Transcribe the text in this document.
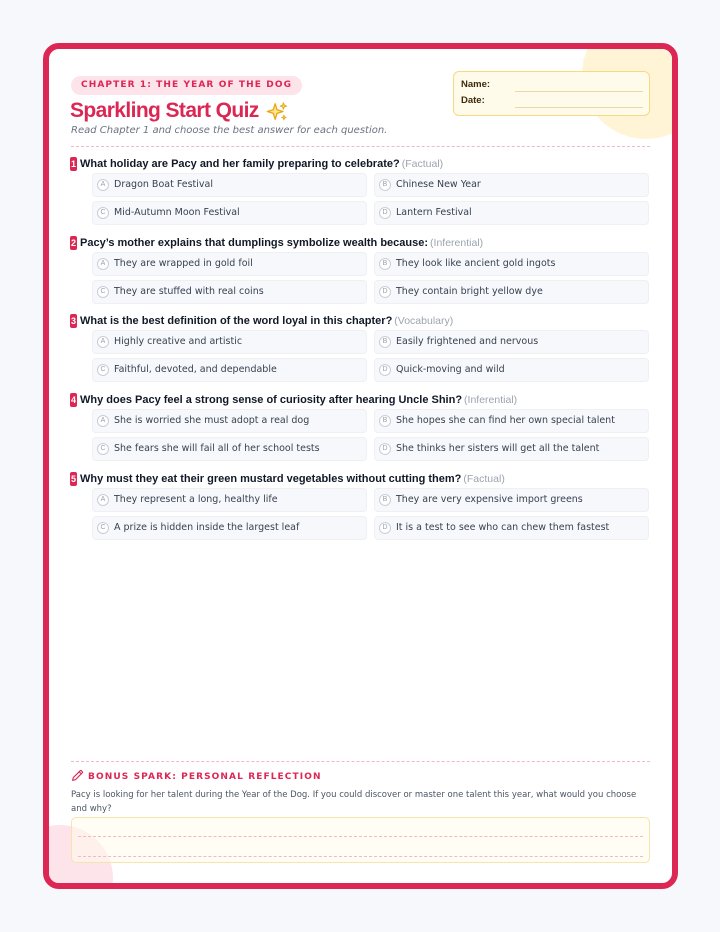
CHAPTER 1: THE YEAR OF THE DOG
Sparkling Start Quiz
Read Chapter 1 and choose the best answer for each question.
Name:
Date:
1 What holiday are Pacy and her family preparing to celebrate? (Factual)
A Dragon Boat Festival	B Chinese New Year
C Mid-Autumn Moon Festival	D Lantern Festival
2 Pacy’s mother explains that dumplings symbolize wealth because: (Inferential)
A They are wrapped in gold foil	B They look like ancient gold ingots
C They are stuffed with real coins	D They contain bright yellow dye
3 What is the best definition of the word loyal in this chapter? (Vocabulary)
A Highly creative and artistic	B Easily frightened and nervous
C Faithful, devoted, and dependable	D Quick-moving and wild
4 Why does Pacy feel a strong sense of curiosity after hearing Uncle Shin? (Inferential)
A She is worried she must adopt a real dog	B She hopes she can find her own special talent
C She fears she will fail all of her school tests	D She thinks her sisters will get all the talent
5 Why must they eat their green mustard vegetables without cutting them? (Factual)
A They represent a long, healthy life	B They are very expensive import greens
C A prize is hidden inside the largest leaf	D It is a test to see who can chew them fastest
BONUS SPARK: PERSONAL REFLECTION
Pacy is looking for her talent during the Year of the Dog. If you could discover or master one talent this year, what would you choose and why?
